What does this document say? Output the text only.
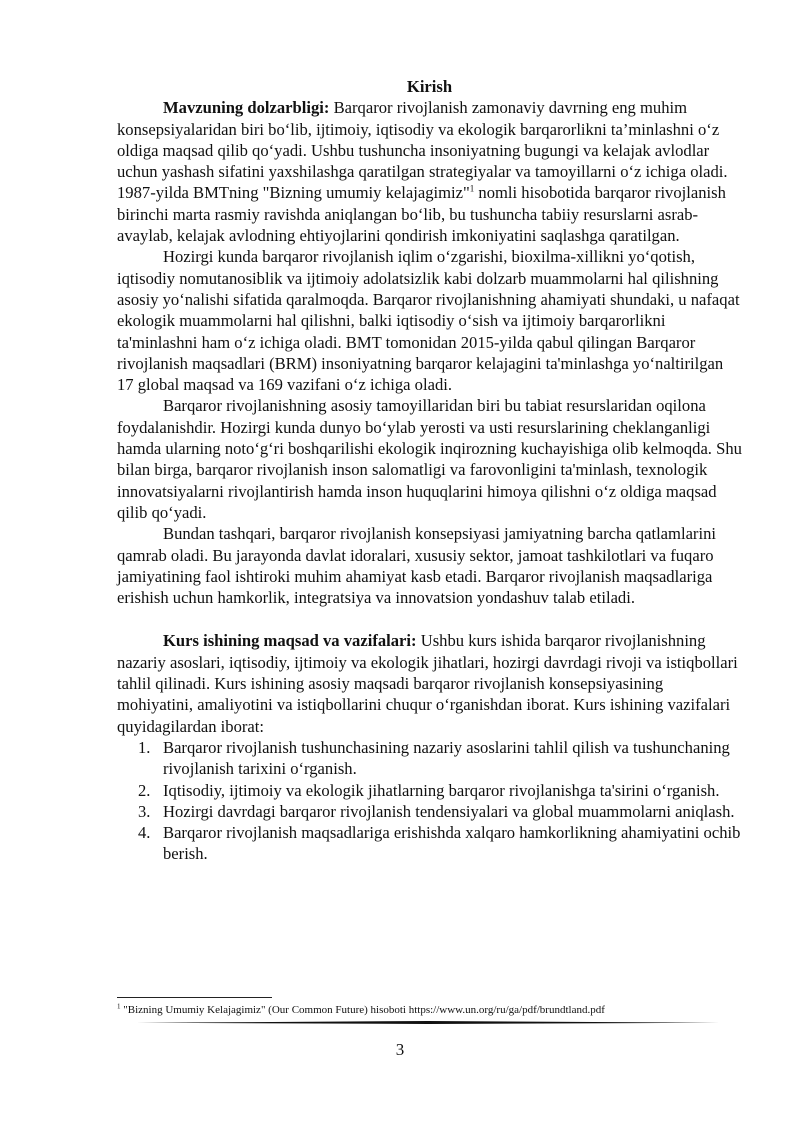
Kirish

Mavzuning dolzarbligi: Barqaror rivojlanish zamonaviy davrning eng muhim konsepsiyalaridan biri bo‘lib, ijtimoiy, iqtisodiy va ekologik barqarorlikni ta’minlashni o‘z oldiga maqsad qilib qo‘yadi. Ushbu tushuncha insoniyatning bugungi va kelajak avlodlar uchun yashash sifatini yaxshilashga qaratilgan strategiyalar va tamoyillarni o‘z ichiga oladi. 1987-yilda BMTning "Bizning umumiy kelajagimiz"$^1$ nomli hisobotida barqaror rivojlanish birinchi marta rasmiy ravishda aniqlangan bo‘lib, bu tushuncha tabiiy resurslarni asrab-avaylab, kelajak avlodning ehtiyojlarini qondirish imkoniyatini saqlashga qaratilgan.

Hozirgi kunda barqaror rivojlanish iqlim o‘zgarishi, bioxilma-xillikni yo‘qotish, iqtisodiy nomutanosiblik va ijtimoiy adolatsizlik kabi dolzarb muammolarni hal qilishning asosiy yo‘nalishi sifatida qaralmoqda. Barqaror rivojlanishning ahamiyati shundaki, u nafaqat ekologik muammolarni hal qilishni, balki iqtisodiy o‘sish va ijtimoiy barqarorlikni ta'minlashni ham o‘z ichiga oladi. BMT tomonidan 2015-yilda qabul qilingan Barqaror rivojlanish maqsadlari (BRM) insoniyatning barqaror kelajagini ta'minlashga yo‘naltirilgan 17 global maqsad va 169 vazifani o‘z ichiga oladi.

Barqaror rivojlanishning asosiy tamoyillaridan biri bu tabiat resurslaridan oqilona foydalanishdir. Hozirgi kunda dunyo bo‘ylab yerosti va usti resurslarining cheklanganligi hamda ularning noto‘g‘ri boshqarilishi ekologik inqirozning kuchayishiga olib kelmoqda. Shu bilan birga, barqaror rivojlanish inson salomatligi va farovonligini ta'minlash, texnologik innovatsiyalarni rivojlantirish hamda inson huquqlarini himoya qilishni o‘z oldiga maqsad qilib qo‘yadi.

Bundan tashqari, barqaror rivojlanish konsepsiyasi jamiyatning barcha qatlamlarini qamrab oladi. Bu jarayonda davlat idoralari, xususiy sektor, jamoat tashkilotlari va fuqaro jamiyatining faol ishtiroki muhim ahamiyat kasb etadi. Barqaror rivojlanish maqsadlariga erishish uchun hamkorlik, integratsiya va innovatsion yondashuv talab etiladi.

Kurs ishining maqsad va vazifalari: Ushbu kurs ishida barqaror rivojlanishning nazariy asoslari, iqtisodiy, ijtimoiy va ekologik jihatlari, hozirgi davrdagi rivoji va istiqbollari tahlil qilinadi. Kurs ishining asosiy maqsadi barqaror rivojlanish konsepsiyasining mohiyatini, amaliyotini va istiqbollarini chuqur o‘rganishdan iborat. Kurs ishining vazifalari quyidagilardan iborat:

1. Barqaror rivojlanish tushunchasining nazariy asoslarini tahlil qilish va tushunchaning rivojlanish tarixini o‘rganish.
2. Iqtisodiy, ijtimoiy va ekologik jihatlarning barqaror rivojlanishga ta'sirini o‘rganish.
3. Hozirgi davrdagi barqaror rivojlanish tendensiyalari va global muammolarni aniqlash.
4. Barqaror rivojlanish maqsadlariga erishishda xalqaro hamkorlikning ahamiyatini ochib berish.
$^1$ "Bizning Umumiy Kelajagimiz" (Our Common Future) hisoboti https://www.un.org/ru/ga/pdf/brundtland.pdf
3
